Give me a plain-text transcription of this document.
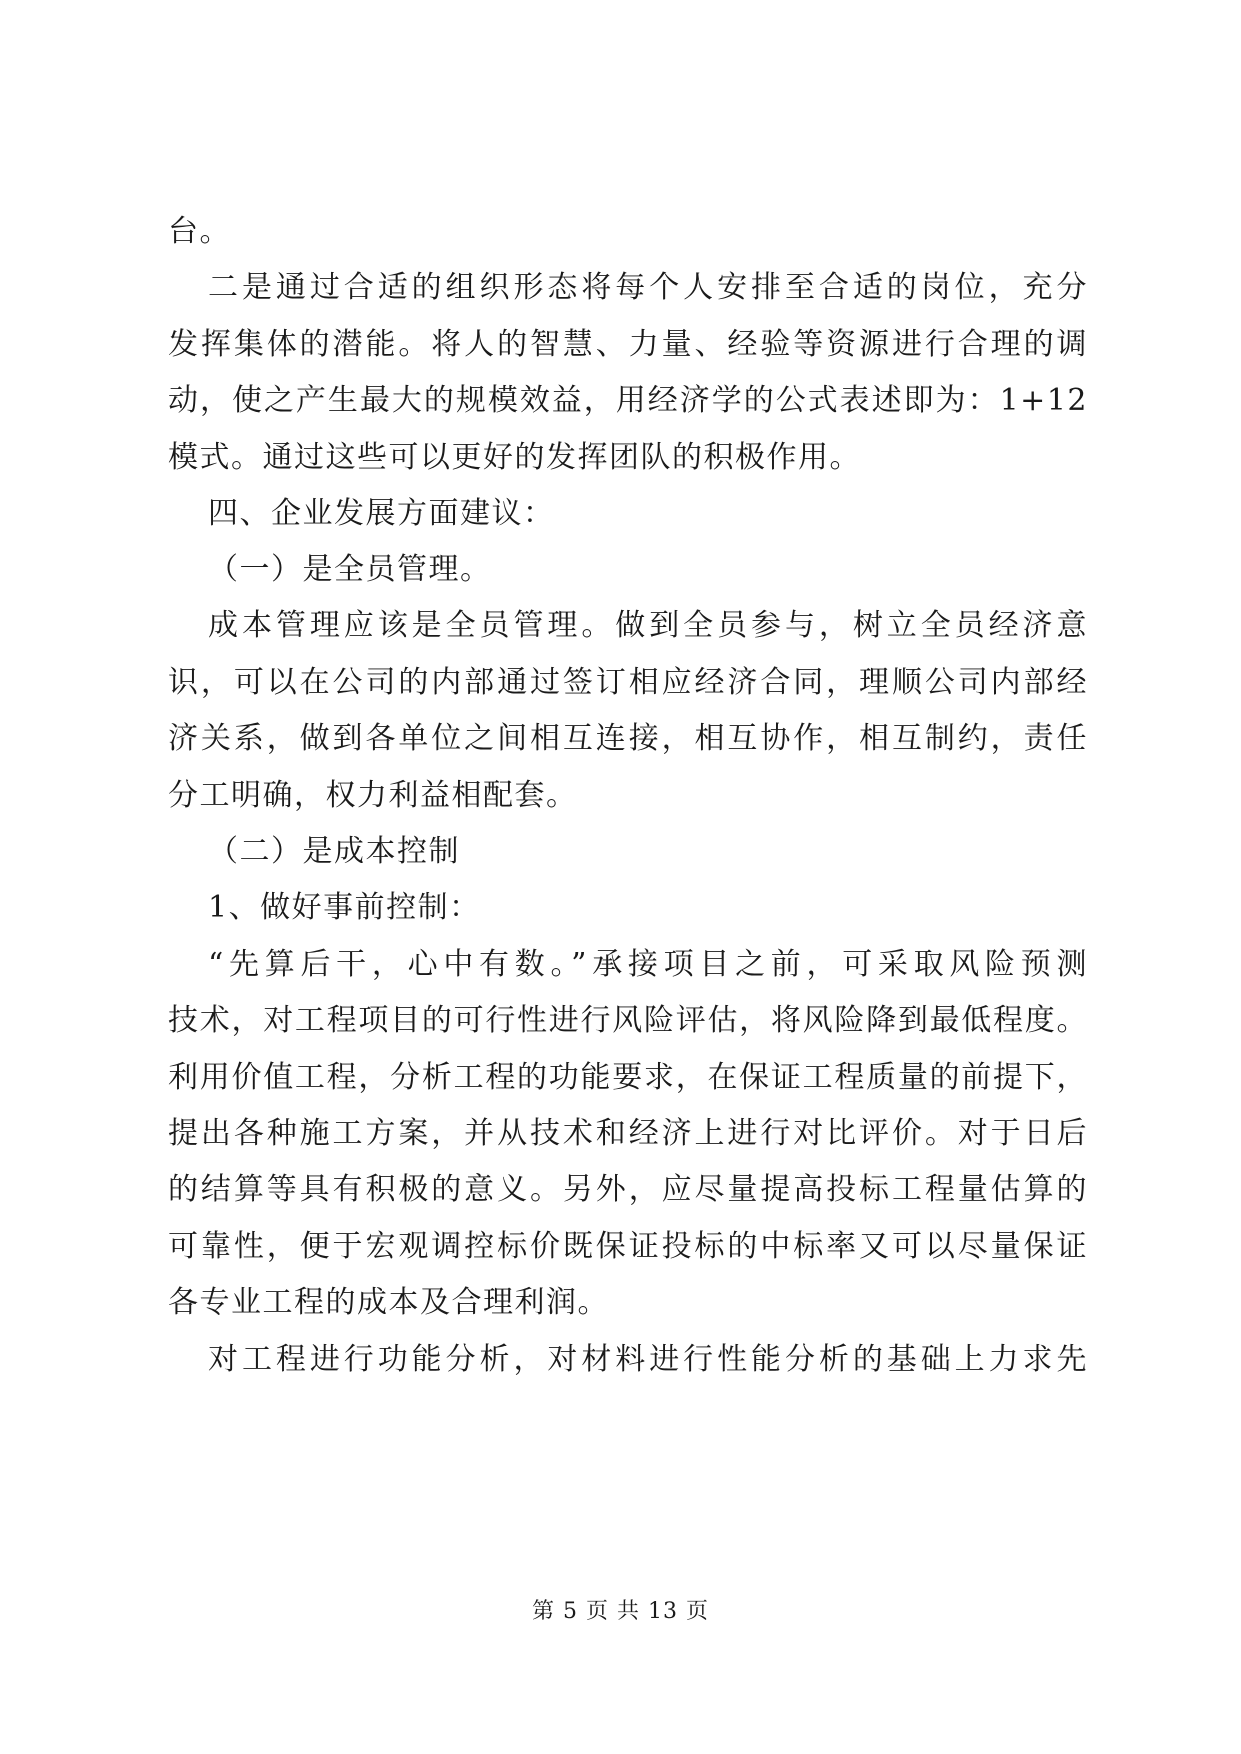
台。
二是通过合适的组织形态将每个人安排至合适的岗位，充分
发挥集体的潜能。将人的智慧、力量、经验等资源进行合理的调
动，使之产生最大的规模效益，用经济学的公式表述即为：1+12
模式。通过这些可以更好的发挥团队的积极作用。
四、企业发展方面建议：
（一）是全员管理。
成本管理应该是全员管理。做到全员参与，树立全员经济意
识，可以在公司的内部通过签订相应经济合同，理顺公司内部经
济关系，做到各单位之间相互连接，相互协作，相互制约，责任
分工明确，权力利益相配套。
（二）是成本控制
1、做好事前控制：
“先算后干，心中有数。”承接项目之前，可采取风险预测
技术，对工程项目的可行性进行风险评估，将风险降到最低程度。
利用价值工程，分析工程的功能要求，在保证工程质量的前提下，
提出各种施工方案，并从技术和经济上进行对比评价。对于日后
的结算等具有积极的意义。另外，应尽量提高投标工程量估算的
可靠性，便于宏观调控标价既保证投标的中标率又可以尽量保证
各专业工程的成本及合理利润。
对工程进行功能分析，对材料进行性能分析的基础上力求先
第 5 页 共 13 页
